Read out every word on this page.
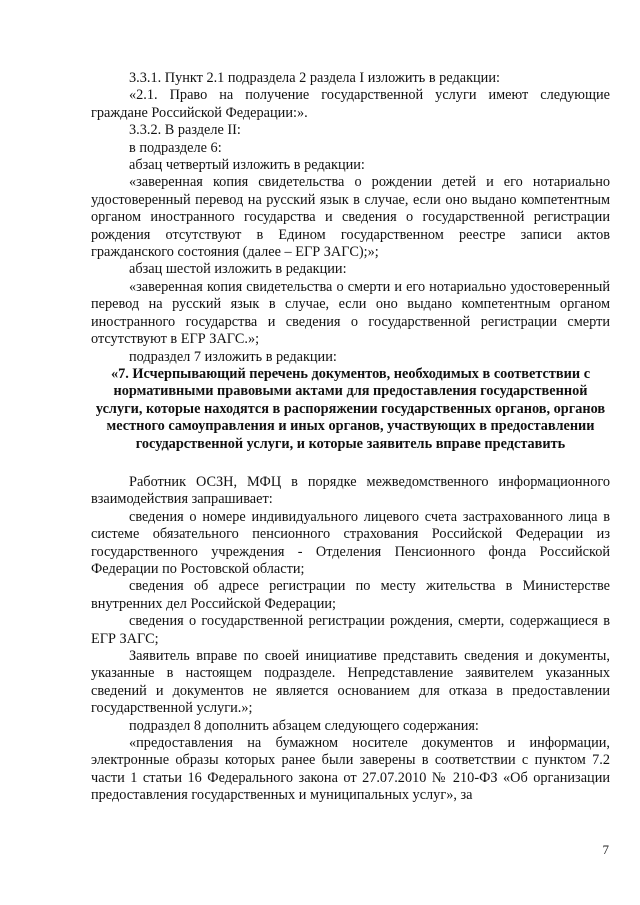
3.3.1. Пункт 2.1 подраздела 2 раздела I изложить в редакции:

«2.1. Право на получение государственной услуги имеют следующие граждане Российской Федерации:».

3.3.2. В разделе II:

в подразделе 6:

абзац четвертый изложить в редакции:

«заверенная копия свидетельства о рождении детей и его нотариально удостоверенный перевод на русский язык в случае, если оно выдано компетентным органом иностранного государства и сведения о государственной регистрации рождения отсутствуют в Едином государственном реестре записи актов гражданского состояния (далее – ЕГР ЗАГС);»;

абзац шестой изложить в редакции:

«заверенная копия свидетельства о смерти и его нотариально удостоверенный перевод на русский язык в случае, если оно выдано компетентным органом иностранного государства и сведения о государственной регистрации смерти отсутствуют в ЕГР ЗАГС.»;

подраздел 7 изложить в редакции:

«7. Исчерпывающий перечень документов, необходимых в соответствии с нормативными правовыми актами для предоставления государственной услуги, которые находятся в распоряжении государственных органов, органов местного самоуправления и иных органов, участвующих в предоставлении государственной услуги, и которые заявитель вправе представить

Работник ОСЗН, МФЦ в порядке межведомственного информационного взаимодействия запрашивает:

сведения о номере индивидуального лицевого счета застрахованного лица в системе обязательного пенсионного страхования Российской Федерации из государственного учреждения - Отделения Пенсионного фонда Российской Федерации по Ростовской области;

сведения об адресе регистрации по месту жительства в Министерстве внутренних дел Российской Федерации;

сведения о государственной регистрации рождения, смерти, содержащиеся в ЕГР ЗАГС;

Заявитель вправе по своей инициативе представить сведения и документы, указанные в настоящем подразделе. Непредставление заявителем указанных сведений и документов не является основанием для отказа в предоставлении государственной услуги.»;

подраздел 8 дополнить абзацем следующего содержания:

«предоставления на бумажном носителе документов и информации, электронные образы которых ранее были заверены в соответствии с пунктом 7.2 части 1 статьи 16 Федерального закона от 27.07.2010 № 210-ФЗ «Об организации предоставления государственных и муниципальных услуг», за

7
